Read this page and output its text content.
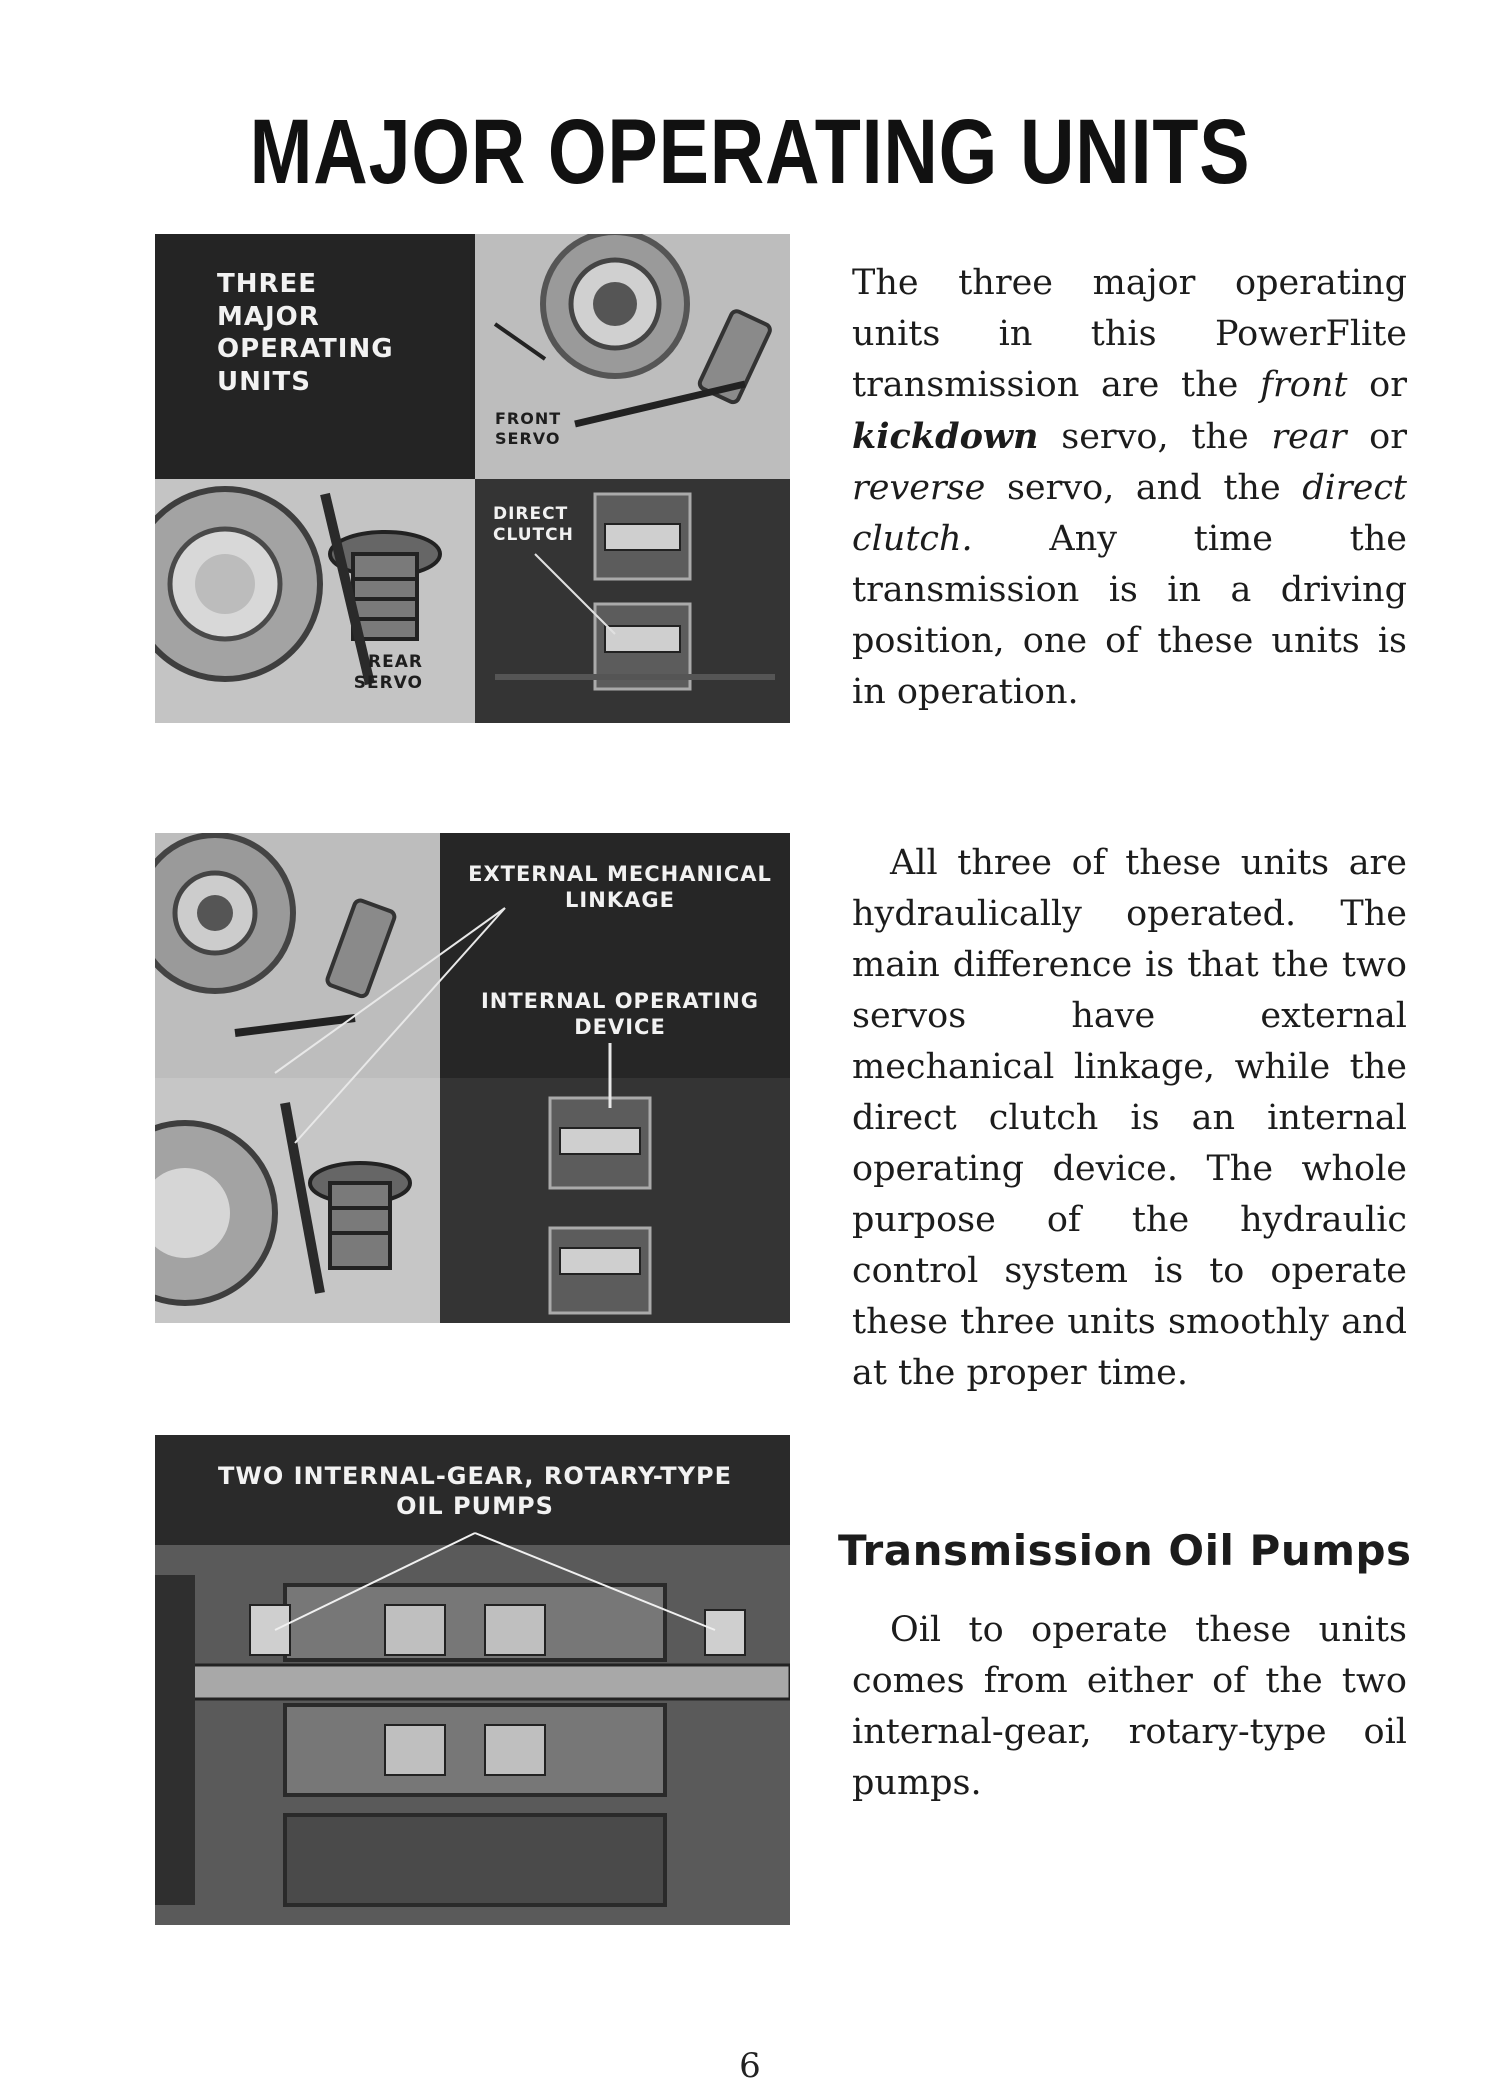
MAJOR OPERATING UNITS
THREE MAJOR OPERATING UNITS
FRONT SERVO
DIRECT CLUTCH
REAR SERVO
EXTERNAL MECHANICAL LINKAGE
INTERNAL OPERATING DEVICE
TWO INTERNAL-GEAR, ROTARY-TYPE OIL PUMPS
The three major operating units in this PowerFlite transmission are the front or kickdown servo, the rear or reverse servo, and the direct clutch. Any time the transmission is in a driving position, one of these units is in operation.
All three of these units are hydraulically operated. The main difference is that the two servos have external mechanical linkage, while the direct clutch is an internal operating device. The whole purpose of the hydraulic control system is to operate these three units smoothly and at the proper time.
Transmission Oil Pumps
Oil to operate these units comes from either of the two internal-gear, rotary-type oil pumps.
6
